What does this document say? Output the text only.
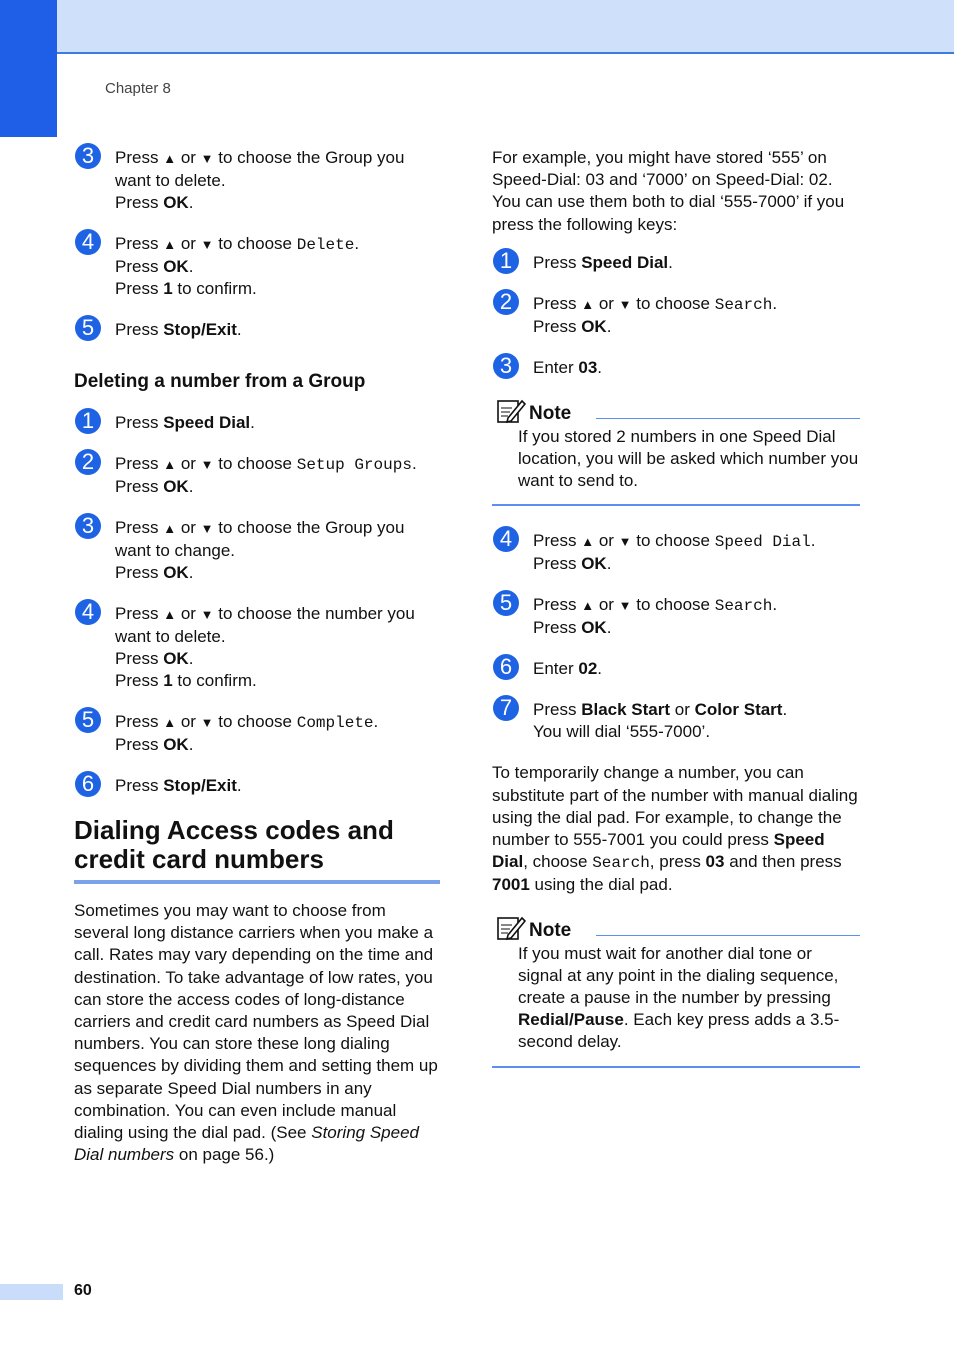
Chapter 8
3	Press ▲ or ▼ to choose the Group you want to delete.
Press OK.
4	Press ▲ or ▼ to choose Delete.
Press OK.
Press 1 to confirm.
5	Press Stop/Exit.
Deleting a number from a Group
1	Press Speed Dial.
2	Press ▲ or ▼ to choose Setup Groups.
Press OK.
3	Press ▲ or ▼ to choose the Group you want to change.
Press OK.
4	Press ▲ or ▼ to choose the number you want to delete.
Press OK.
Press 1 to confirm.
5	Press ▲ or ▼ to choose Complete.
Press OK.
6	Press Stop/Exit.
Dialing Access codes and
credit card numbers
Sometimes you may want to choose from several long distance carriers when you make a call. Rates may vary depending on the time and destination. To take advantage of low rates, you can store the access codes of long-distance carriers and credit card numbers as Speed Dial numbers. You can store these long dialing sequences by dividing them and setting them up as separate Speed Dial numbers in any combination. You can even include manual dialing using the dial pad. (See Storing Speed Dial numbers on page 56.)
For example, you might have stored ‘555’ on Speed-Dial: 03 and ‘7000’ on Speed-Dial: 02. You can use them both to dial ‘555-7000’ if you press the following keys:
1	Press Speed Dial.
2	Press ▲ or ▼ to choose Search.
Press OK.
3	Enter 03.
Note
If you stored 2 numbers in one Speed Dial location, you will be asked which number you want to send to.
4	Press ▲ or ▼ to choose Speed Dial.
Press OK.
5	Press ▲ or ▼ to choose Search.
Press OK.
6	Enter 02.
7	Press Black Start or Color Start.
You will dial ‘555-7000’.
To temporarily change a number, you can substitute part of the number with manual dialing using the dial pad. For example, to change the number to 555-7001 you could press Speed Dial, choose Search, press 03 and then press 7001 using the dial pad.
Note
If you must wait for another dial tone or signal at any point in the dialing sequence, create a pause in the number by pressing Redial/Pause. Each key press adds a 3.5-second delay.
60
